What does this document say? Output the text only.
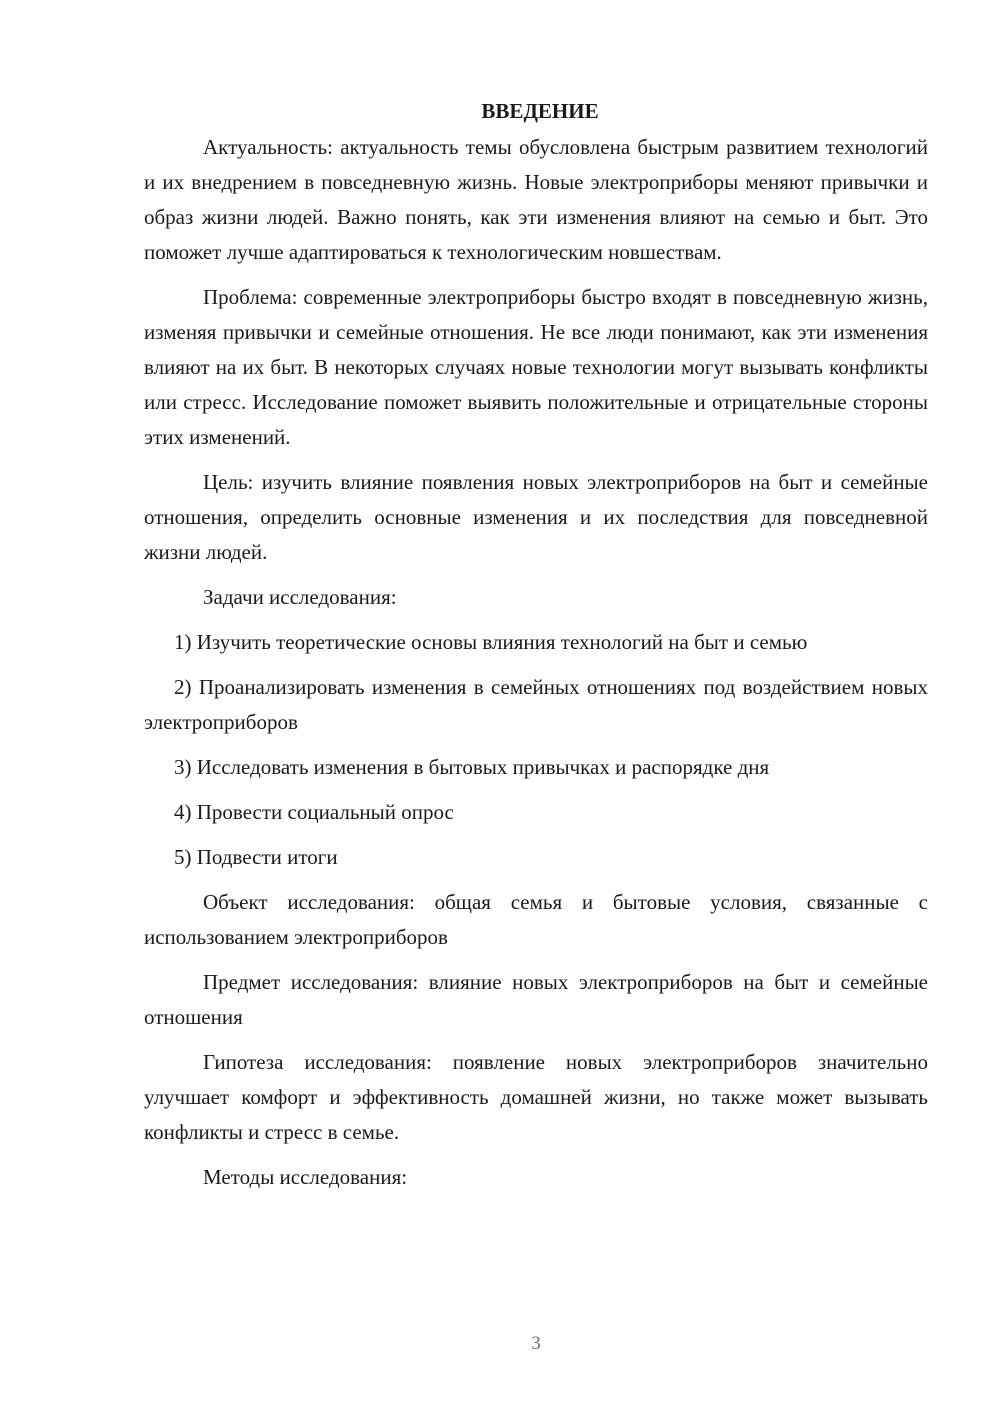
ВВЕДЕНИЕ

Актуальность: актуальность темы обусловлена быстрым развитием технологий и их внедрением в повседневную жизнь. Новые электроприборы меняют привычки и образ жизни людей. Важно понять, как эти изменения влияют на семью и быт. Это поможет лучше адаптироваться к технологическим новшествам.

Проблема: современные электроприборы быстро входят в повседневную жизнь, изменяя привычки и семейные отношения. Не все люди понимают, как эти изменения влияют на их быт. В некоторых случаях новые технологии могут вызывать конфликты или стресс. Исследование поможет выявить положительные и отрицательные стороны этих изменений.

Цель: изучить влияние появления новых электроприборов на быт и семейные отношения, определить основные изменения и их последствия для повседневной жизни людей.

Задачи исследования:

1) Изучить теоретические основы влияния технологий на быт и семью

2) Проанализировать изменения в семейных отношениях под воздействием новых электроприборов

3) Исследовать изменения в бытовых привычках и распорядке дня

4) Провести социальный опрос

5) Подвести итоги

Объект исследования: общая семья и бытовые условия, связанные с использованием электроприборов

Предмет исследования: влияние новых электроприборов на быт и семейные отношения

Гипотеза исследования: появление новых электроприборов значительно улучшает комфорт и эффективность домашней жизни, но также может вызывать конфликты и стресс в семье.

Методы исследования:

3
